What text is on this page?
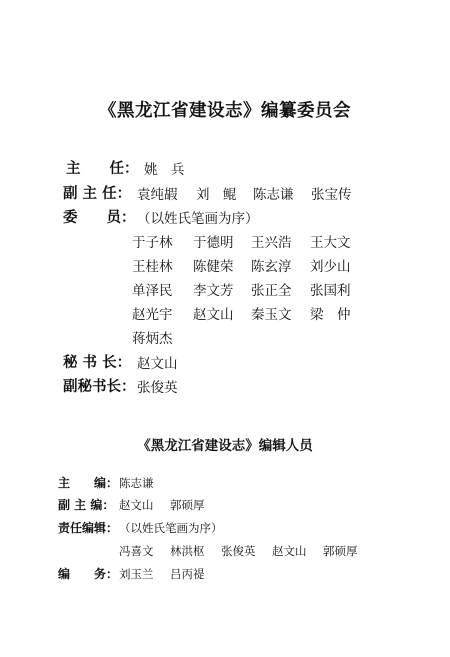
《黑龙江省建设志》编纂委员会
主　　任： 姚　兵
副 主 任： 袁纯嘏 刘　鲲 陈志谦 张宝传
委　　员： （以姓氏笔画为序）
于子林 于德明 王兴浩 王大文
王桂林 陈健荣 陈玄淳 刘少山
单泽民 李文芳 张正全 张国利
赵光宇 赵文山 秦玉文 梁　仲
蒋炳杰
秘 书 长： 赵文山
副秘书长： 张俊英
《黑龙江省建设志》编辑人员
主　　编： 陈志谦
副 主 编： 赵文山 郭硕厚
责任编辑： （以姓氏笔画为序）
冯喜文 林洪枢 张俊英 赵文山 郭硕厚
编　　务： 刘玉兰 吕丙禔
